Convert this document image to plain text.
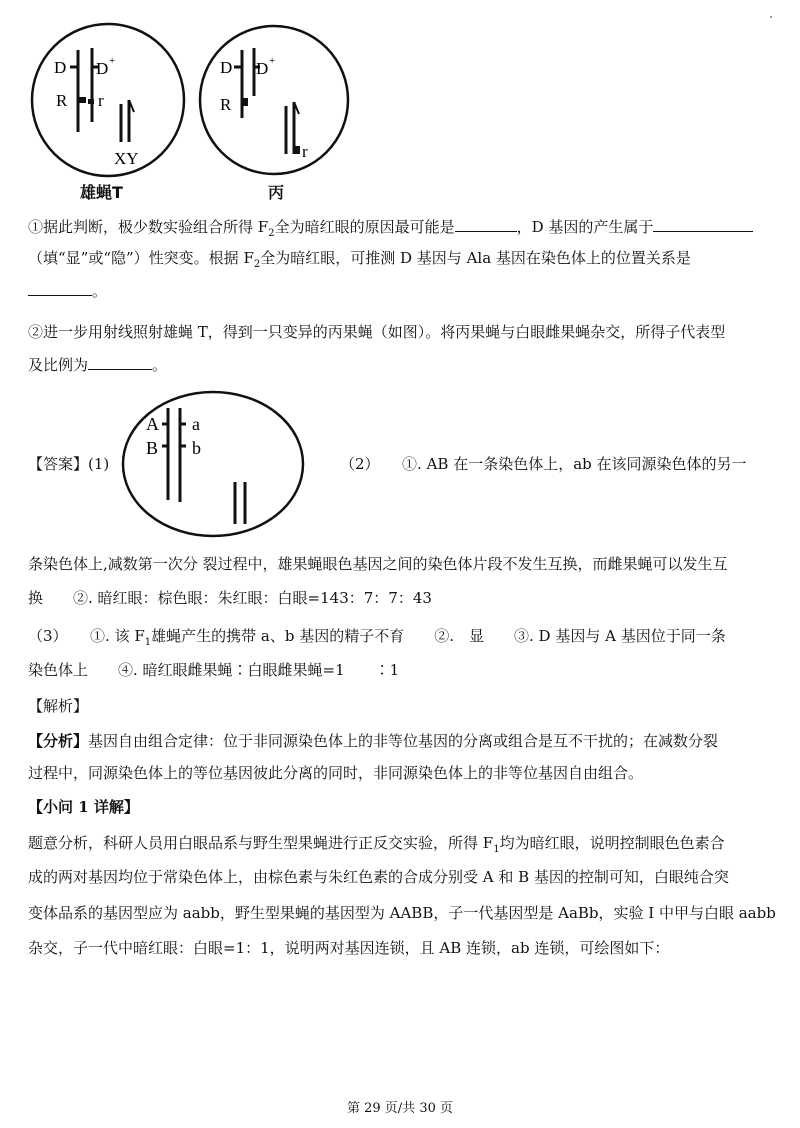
D D +
R r
XY
雄蝇T
D D +
R
r
丙
①据此判断，极少数实验组合所得 $F_2$全为暗红眼的原因最可能是	，D 基因的产生属于
（填“显”或“隐”）性突变。根据 $F_2$全为暗红眼，可推测 D 基因与 Ala 基因在染色体上的位置关系是
。
②进一步用射线照射雄蝇 T，得到一只变异的丙果蝇（如图）。将丙果蝇与白眼雌果蝇杂交，所得子代表型
及比例为	。
A a
B b
【答案】(1)	（2）　　①. AB 在一条染色体上，ab 在该同源染色体的另一
条染色体上,减数第一次分 裂过程中，雄果蝇眼色基因之间的染色体片段不发生互换，而雌果蝇可以发生互
换　　②. 暗红眼：棕色眼：朱红眼：白眼=143：7：7：43
（3）　　①. 该 $F_1$雄蝇产生的携带 a、b 基因的精子不育　　②.　显　　③. D 基因与 A 基因位于同一条
染色体上　　④. 暗红眼雌果蝇∶白眼雌果蝇=1　　∶1
【解析】
【分析】基因自由组合定律：位于非同源染色体上的非等位基因的分离或组合是互不干扰的；在减数分裂
过程中，同源染色体上的等位基因彼此分离的同时，非同源染色体上的非等位基因自由组合。
【小问 1 详解】
题意分析，科研人员用白眼品系与野生型果蝇进行正反交实验，所得 $F_1$均为暗红眼，说明控制眼色色素合
成的两对基因均位于常染色体上，由棕色素与朱红色素的合成分别受 A 和 B 基因的控制可知，白眼纯合突
变体品系的基因型应为 aabb，野生型果蝇的基因型为 AABB，子一代基因型是 AaBb，实验 I 中甲与白眼 aabb
杂交，子一代中暗红眼：白眼=1：1，说明两对基因连锁，且 AB 连锁，ab 连锁，可绘图如下：
第 29 页/共 30 页
